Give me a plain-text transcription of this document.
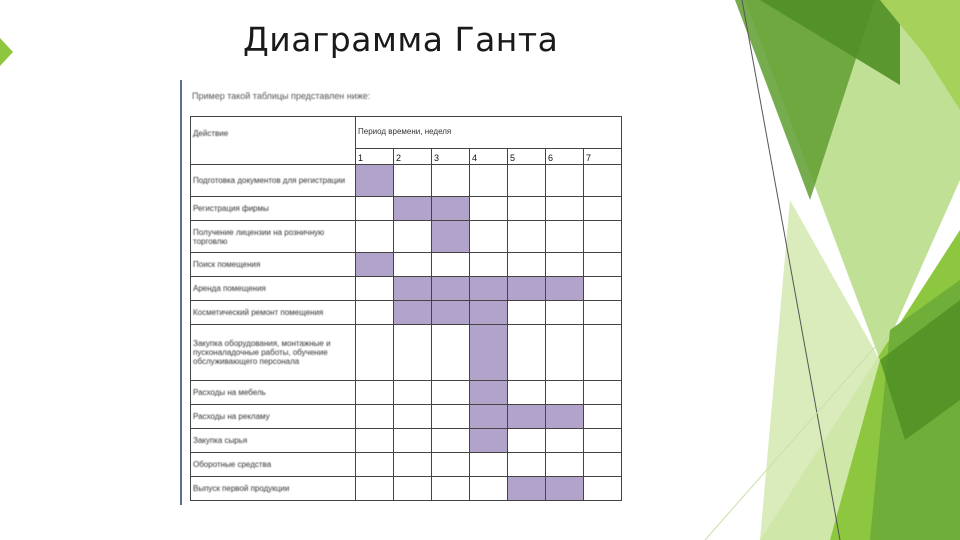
Диаграмма Ганта
Пример такой таблицы представлен ниже:
Действие	Период времени, неделя						
	1	2	3	4	5	6	7
Подготовка документов для регистрации							
Регистрация фирмы							
Получение лицензии на розничную торговлю							
Поиск помещения							
Аренда помещения							
Косметический ремонт помещения							
Закупка оборудования, монтажные и пусконаладочные работы, обучение обслуживающего персонала							
Расходы на мебель							
Расходы на рекламу							
Закупка сырья							
Оборотные средства							
Выпуск первой продукции							
